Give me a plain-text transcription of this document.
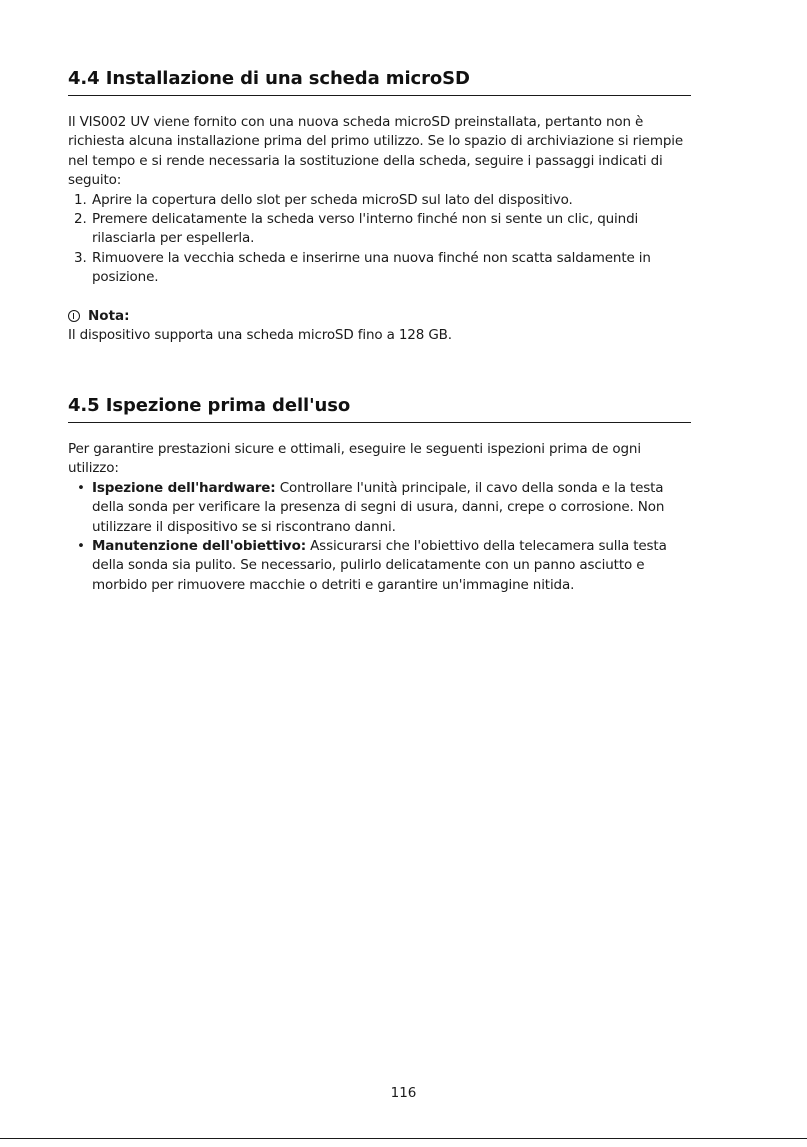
4.4 Installazione di una scheda microSD

Il VIS002 UV viene fornito con una nuova scheda microSD preinstallata, pertanto non è richiesta alcuna installazione prima del primo utilizzo. Se lo spazio di archiviazione si riempie nel tempo e si rende necessaria la sostituzione della scheda, seguire i passaggi indicati di seguito:

1. Aprire la copertura dello slot per scheda microSD sul lato del dispositivo.
2. Premere delicatamente la scheda verso l'interno finché non si sente un clic, quindi rilasciarla per espellerla.
3. Rimuovere la vecchia scheda e inserirne una nuova finché non scatta saldamente in posizione.
Nota:

Il dispositivo supporta una scheda microSD fino a 128 GB.

4.5 Ispezione prima dell'uso

Per garantire prestazioni sicure e ottimali, eseguire le seguenti ispezioni prima de ogni utilizzo:

• Ispezione dell'hardware: Controllare l'unità principale, il cavo della sonda e la testa della sonda per verificare la presenza di segni di usura, danni, crepe o corrosione. Non utilizzare il dispositivo se si riscontrano danni.
• Manutenzione dell'obiettivo: Assicurarsi che l'obiettivo della telecamera sulla testa della sonda sia pulito. Se necessario, pulirlo delicatamente con un panno asciutto e morbido per rimuovere macchie o detriti e garantire un'immagine nitida.
116
